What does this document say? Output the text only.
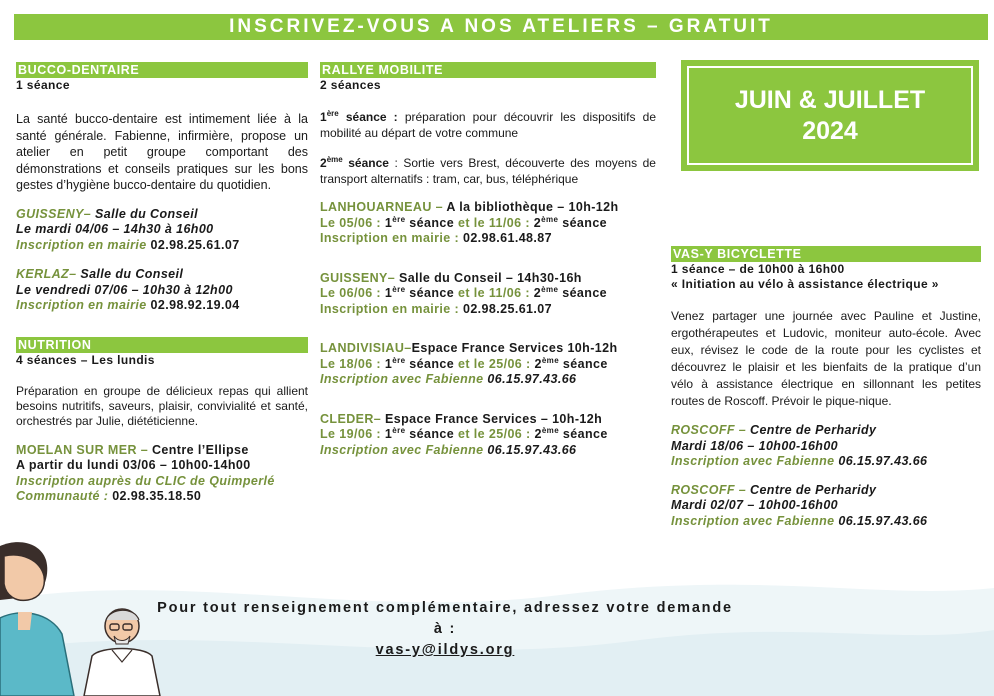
INSCRIVEZ-VOUS A NOS ATELIERS – GRATUIT
BUCCO-DENTAIRE
1 séance

La santé bucco-dentaire est intimement liée à la santé générale. Fabienne, infirmière, propose un atelier en petit groupe comportant des démonstrations et conseils pratiques sur les bons gestes d’hygiène bucco-dentaire du quotidien.

GUISSENY– Salle du Conseil
Le mardi 04/06 – 14h30 à 16h00
Inscription en mairie 02.98.25.61.07
KERLAZ– Salle du Conseil
Le vendredi 07/06 – 10h30 à 12h00
Inscription en mairie 02.98.92.19.04
NUTRITION
4 séances – Les lundis

Préparation en groupe de délicieux repas qui allient besoins nutritifs, saveurs, plaisir, convivialité et santé, orchestrés par Julie, diététicienne.

MOELAN SUR MER – Centre l’Ellipse
A partir du lundi 03/06 – 10h00-14h00
Inscription auprès du CLIC de Quimperlé Communauté : 02.98.35.18.50
RALLYE MOBILITE
2 séances

1ère séance : préparation pour découvrir les dispositifs de mobilité au départ de votre commune

2ème séance : Sortie vers Brest, découverte des moyens de transport alternatifs : tram, car, bus, téléphérique

LANHOUARNEAU – A la bibliothèque – 10h-12h
Le 05/06 : 1ère séance et le 11/06 : 2ème séance
Inscription en mairie : 02.98.61.48.87
GUISSENY– Salle du Conseil – 14h30-16h
Le 06/06 : 1ère séance et le 11/06 : 2ème séance
Inscription en mairie : 02.98.25.61.07
LANDIVISIAU–Espace France Services 10h-12h
Le 18/06 : 1ère séance et le 25/06 : 2ème séance
Inscription avec Fabienne 06.15.97.43.66
CLEDER– Espace France Services – 10h-12h
Le 19/06 : 1ère séance et le 25/06 : 2ème séance
Inscription avec Fabienne 06.15.97.43.66
JUIN & JUILLET
2024
VAS-Y BICYCLETTE
1 séance – de 10h00 à 16h00
« Initiation au vélo à assistance électrique »

Venez partager une journée avec Pauline et Justine, ergothérapeutes et Ludovic, moniteur auto-école. Avec eux, révisez le code de la route pour les cyclistes et découvrez le plaisir et les bienfaits de la pratique d’un vélo à assistance électrique en sillonnant les petites routes de Roscoff. Prévoir le pique-nique.

ROSCOFF – Centre de Perharidy
Mardi 18/06 – 10h00-16h00
Inscription avec Fabienne 06.15.97.43.66
ROSCOFF – Centre de Perharidy
Mardi 02/07 – 10h00-16h00
Inscription avec Fabienne 06.15.97.43.66
Pour tout renseignement complémentaire, adressez votre demande à :
vas-y@ildys.org
